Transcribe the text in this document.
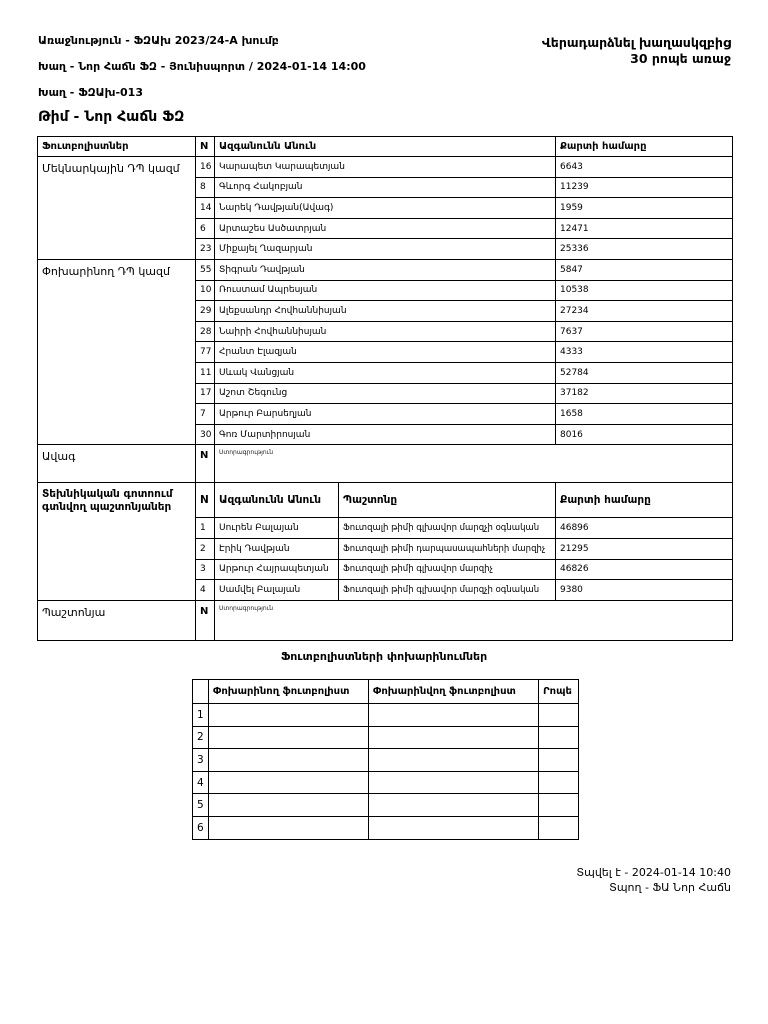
Առաջնություն - ՖԶԱխ 2023/24-A խումբ
Խաղ - Նոր Հաճն ՖԶ - Յունիսպորտ / 2024-01-14 14:00
Խաղ - ՖԶԱխ-013
Վերադարձնել խաղասկզբից
30 րոպե առաջ
Թիմ - Նոր Հաճն ՖԶ
Ֆուտբոլիստներ	N	Ազգանունն Անուն		Քարտի համարը
Մեկնարկային ԴՊ կազմ	16	Կարապետ Կարապետյան		6643
	8	Գևորգ Հակոբյան		11239
	14	Նարեկ Դավթյան(Ավագ)		1959
	6	Արտաշես Ասծատրյան		12471
	23	Միքայել Ղազարյան		25336
Փոխարինող ԴՊ կազմ	55	Տիգրան Դավթյան		5847
	10	Ռուստամ Ապրեսյան		10538
	29	Ալեքսանդր Հովհաննիսյան		27234
	28	Նաիրի Հովհաննիսյան		7637
	77	Հրանտ Էլազյան		4333
	11	Սևակ Վանցյան		52784
	17	Աշոտ Շեգունց		37182
	7	Արթուր Բարսեղյան		1658
	30	Գոռ Մարտիրոսյան		8016
Ավագ	N	Ստորագրություն		
Տեխնիկական գոտոում գտնվող պաշտոնյաներ	N	Ազգանունն Անուն	Պաշտոնը	Քարտի համարը
	1	Սուրեն Բալայան	Ֆուտզալի թիմի գլխավոր մարզչի օգնական	46896
	2	Էրիկ Դավթյան	Ֆուտզալի թիմի դարպասապահների մարզիչ	21295
	3	Արթուր Հայրապետյան	Ֆուտզալի թիմի գլխավոր մարզիչ	46826
	4	Սամվել Բալայան	Ֆուտզալի թիմի գլխավոր մարզչի օգնական	9380
Պաշտոնյա	N	Ստորագրություն		
Ֆուտբոլիստների փոխարինումներ
	Փոխարինող ֆուտբոլիստ	Փոխարինվող ֆուտբոլիստ	Րոպե
1			
2			
3			
4			
5			
6			
Տպվել է - 2024-01-14 10:40
Տպող - ՖԱ Նոր Հաճն
